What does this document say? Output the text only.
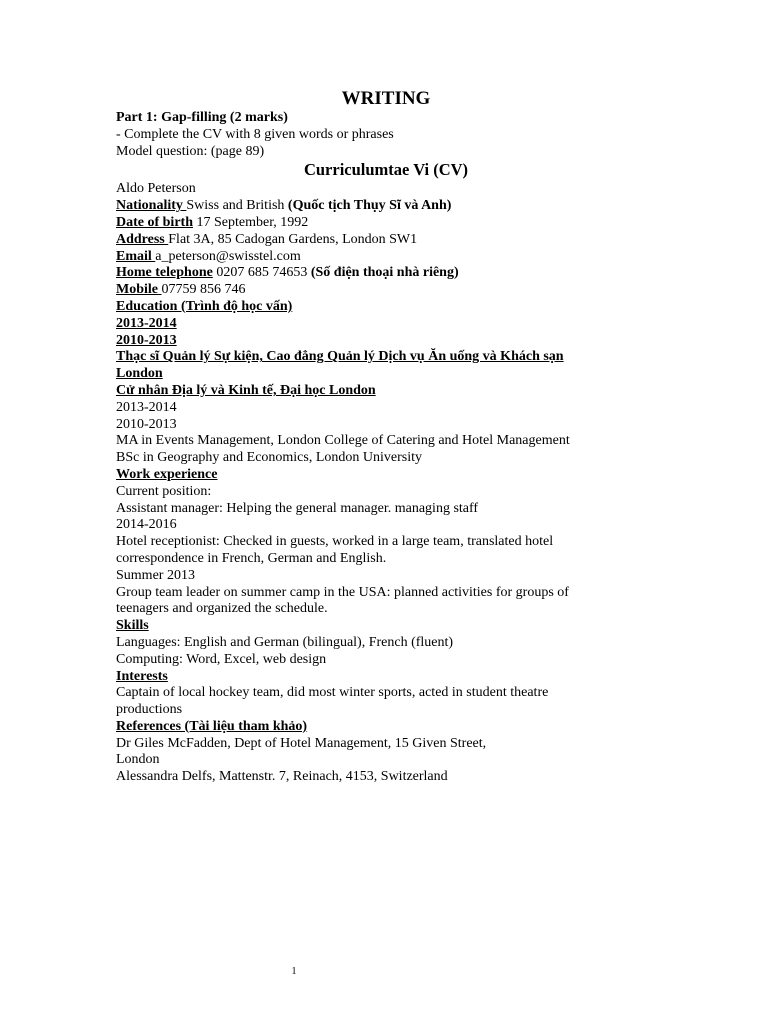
WRITING

Part 1: Gap-filling (2 marks)

- Complete the CV with 8 given words or phrases

Model question: (page 89)

Curriculumtae Vi (CV)

Aldo Peterson

Nationality Swiss and British (Quốc tịch Thụy Sĩ và Anh)

Date of birth 17 September, 1992

Address Flat 3A, 85 Cadogan Gardens, London SW1

Email a_peterson@swisstel.com

Home telephone 0207 685 74653 (Số điện thoại nhà riêng)

Mobile 07759 856 746

Education (Trình độ học vấn)

2013-2014

2010-2013

Thạc sĩ Quản lý Sự kiện, Cao đẳng Quản lý Dịch vụ Ăn uống và Khách sạn

London

Cử nhân Địa lý và Kinh tế, Đại học London

2013-2014

2010-2013

MA in Events Management, London College of Catering and Hotel Management

BSc in Geography and Economics, London University

Work experience

Current position:

Assistant manager: Helping the general manager. managing staff

2014-2016

Hotel receptionist: Checked in guests, worked in a large team, translated hotel

correspondence in French, German and English.

Summer 2013

Group team leader on summer camp in the USA: planned activities for groups of

teenagers and organized the schedule.

Skills

Languages: English and German (bilingual), French (fluent)

Computing: Word, Excel, web design

Interests

Captain of local hockey team, did most winter sports, acted in student theatre

productions

References (Tài liệu tham khảo)

Dr Giles McFadden, Dept of Hotel Management, 15 Given Street,

London

Alessandra Delfs, Mattenstr. 7, Reinach, 4153, Switzerland

1
